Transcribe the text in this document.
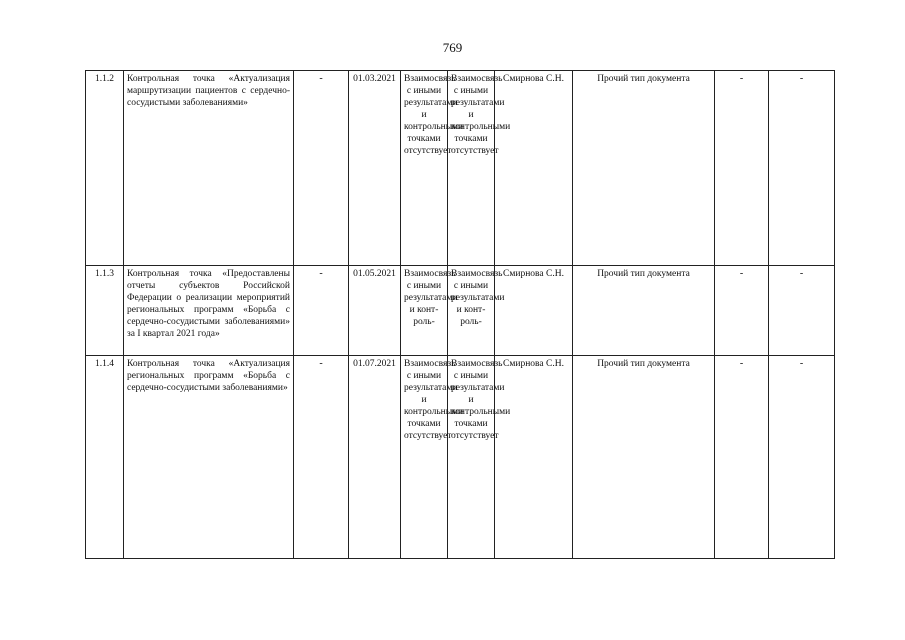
769
1.1.2	Контрольная точка «Актуализация маршрутизации пациентов с сердечно-сосудистыми заболеваниями»	-	01.03.2021	Взаимосвязь с иными результатами и контрольными точками отсутствует	Взаимосвязь с иными результатами и контрольными точками отсутствует	Смирнова С.Н.	Прочий тип документа	-	-
1.1.3	Контрольная точка «Предоставлены отчеты субъектов Российской Федерации о реализации мероприятий региональных программ «Борьба с сердечно-сосудистыми заболеваниями» за I квартал 2021 года»	-	01.05.2021	Взаимосвязь с иными результатами и контроль-	Взаимосвязь с иными результатами и контроль-	Смирнова С.Н.	Прочий тип документа	-	-
1.1.4	Контрольная точка «Актуализация региональных программ «Борьба с сердечно-сосудистыми заболеваниями»	-	01.07.2021	Взаимосвязь с иными результатами и контрольными точками отсутствует	Взаимосвязь с иными результатами и контрольными точками отсутствует	Смирнова С.Н.	Прочий тип документа	-	-
